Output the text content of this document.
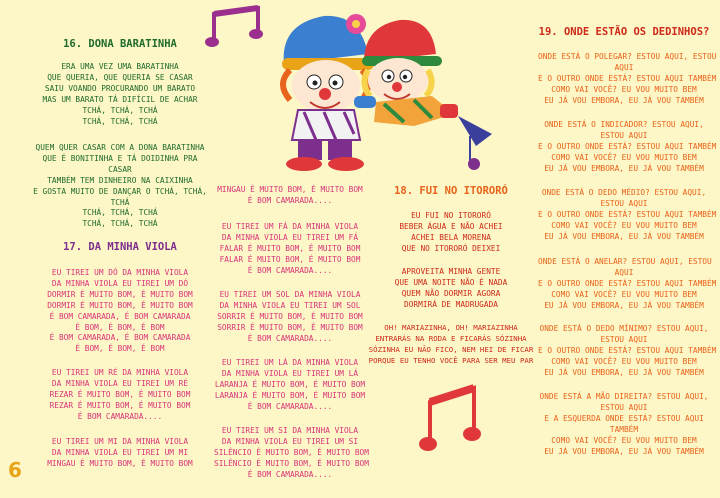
16. DONA BARATINHA
ERA UMA VEZ UMA BARATINHA
QUE QUERIA, QUE QUERIA SE CASAR
SAIU VOANDO PROCURANDO UM BARATO
MAS UM BARATO TÁ DIFÍCIL DE ACHAR
TCHÁ, TCHÁ, TCHÁ
TCHÁ, TCHÁ, TCHÁ
QUEM QUER CASAR COM A DONA BARATINHA
QUE É BONITINHA E TÁ DOIDINHA PRA
CASAR
TAMBÉM TEM DINHEIRO NA CAIXINHA
E GOSTA MUITO DE DANÇAR O TCHÁ, TCHÁ,
TCHÁ
TCHÁ, TCHÁ, TCHÁ
TCHÁ, TCHÁ, TCHÁ
17. DA MINHA VIOLA
EU TIREI UM DÓ DA MINHA VIOLA
DA MINHA VIOLA EU TIREI UM DÓ
DORMIR É MUITO BOM, É MUITO BOM
DORMIR É MUITO BOM, É MUITO BOM
É BOM CAMARADA, É BOM CAMARADA
É BOM, É BOM, É BOM
É BOM CAMARADA, É BOM CAMARADA
É BOM, É BOM, É BOM
EU TIREI UM RÉ DA MINHA VIOLA
DA MINHA VIOLA EU TIREI UM RÉ
REZAR É MUITO BOM, É MUITO BOM
REZAR É MUITO BOM, É MUITO BOM
É BOM CAMARADA....
EU TIREI UM MI DA MINHA VIOLA
DA MINHA VIOLA EU TIREI UM MI
MINGAU É MUITO BOM, É MUITO BOM
MINGAU É MUITO BOM, É MUITO BOM
É BOM CAMARADA....
EU TIREI UM FÁ DA MINHA VIOLA
DA MINHA VIOLA EU TIREI UM FÁ
FALAR É MUITO BOM, É MUITO BOM
FALAR É MUITO BOM, É MUITO BOM
É BOM CAMARADA....
EU TIREI UM SOL DA MINHA VIOLA
DA MINHA VIOLA EU TIREI UM SOL
SORRIR É MUITO BOM, É MUITO BOM
SORRIR É MUITO BOM, É MUITO BOM
É BOM CAMARADA....
EU TIREI UM LÁ DA MINHA VIOLA
DA MINHA VIOLA EU TIREI UM LÁ
LARANJA É MUITO BOM, É MUITO BOM
LARANJA É MUITO BOM, É MUITO BOM
É BOM CAMARADA....
EU TIREI UM SI DA MINHA VIOLA
DA MINHA VIOLA EU TIREI UM SI
SILÊNCIO É MUITO BOM, É MUITO BOM
SILÊNCIO É MUITO BOM, É MUITO BOM
É BOM CAMARADA....
18. FUI NO ITORORÓ
EU FUI NO ITORORÓ
BEBER ÁGUA E NÃO ACHEI
ACHEI BELA MORENA
QUE NO ITORORÓ DEIXEI
APROVEITA MINHA GENTE
QUE UMA NOITE NÃO É NADA
QUEM NÃO DORMIR AGORA
DORMIRÁ DE MADRUGADA
OH! MARIAZINHA, OH! MARIAZINHA
ENTRARÁS NA RODA E FICARÁS SÓZINHA
SÓZINHA EU NÃO FICO, NEM HEI DE FICAR
PORQUE EU TENHO VOCÊ PARA SER MEU PAR
19. ONDE ESTÃO OS DEDINHOS?
ONDE ESTÁ O POLEGAR? ESTOU AQUI, ESTOU
AQUI
E O OUTRO ONDE ESTÁ? ESTOU AQUI TAMBÉM
COMO VAI VOCÊ? EU VOU MUITO BEM
EU JÁ VOU EMBORA, EU JÁ VOU TAMBÉM
ONDE ESTÁ O INDICADOR? ESTOU AQUI,
ESTOU AQUI
E O OUTRO ONDE ESTÁ? ESTOU AQUI TAMBÉM
COMO VAI VOCÊ? EU VOU MUITO BEM
EU JÁ VOU EMBORA, EU JÁ VOU TAMBÉM
ONDE ESTÁ O DEDO MÉDIO? ESTOU AQUI,
ESTOU AQUI
E O OUTRO ONDE ESTÁ? ESTOU AQUI TAMBÉM
COMO VAI VOCÊ? EU VOU MUITO BEM
EU JÁ VOU EMBORA, EU JÁ VOU TAMBÉM
ONDE ESTÁ O ANELAR? ESTOU AQUI, ESTOU
AQUI
E O OUTRO ONDE ESTÁ? ESTOU AQUI TAMBÉM
COMO VAI VOCÊ? EU VOU MUITO BEM
EU JÁ VOU EMBORA, EU JÁ VOU TAMBÉM
ONDE ESTÁ O DEDO MÍNIMO? ESTOU AQUI,
ESTOU AQUI
E O OUTRO ONDE ESTÁ? ESTOU AQUI TAMBÉM
COMO VAI VOCÊ? EU VOU MUITO BEM
EU JÁ VOU EMBORA, EU JÁ VOU TAMBÉM
ONDE ESTÁ A MÃO DIREITA? ESTOU AQUI,
ESTOU AQUI
E A ESQUERDA ONDE ESTÁ? ESTOU AQUI
TAMBÉM
COMO VAI VOCÊ? EU VOU MUITO BEM
EU JÁ VOU EMBORA, EU JÁ VOU TAMBÉM
6
